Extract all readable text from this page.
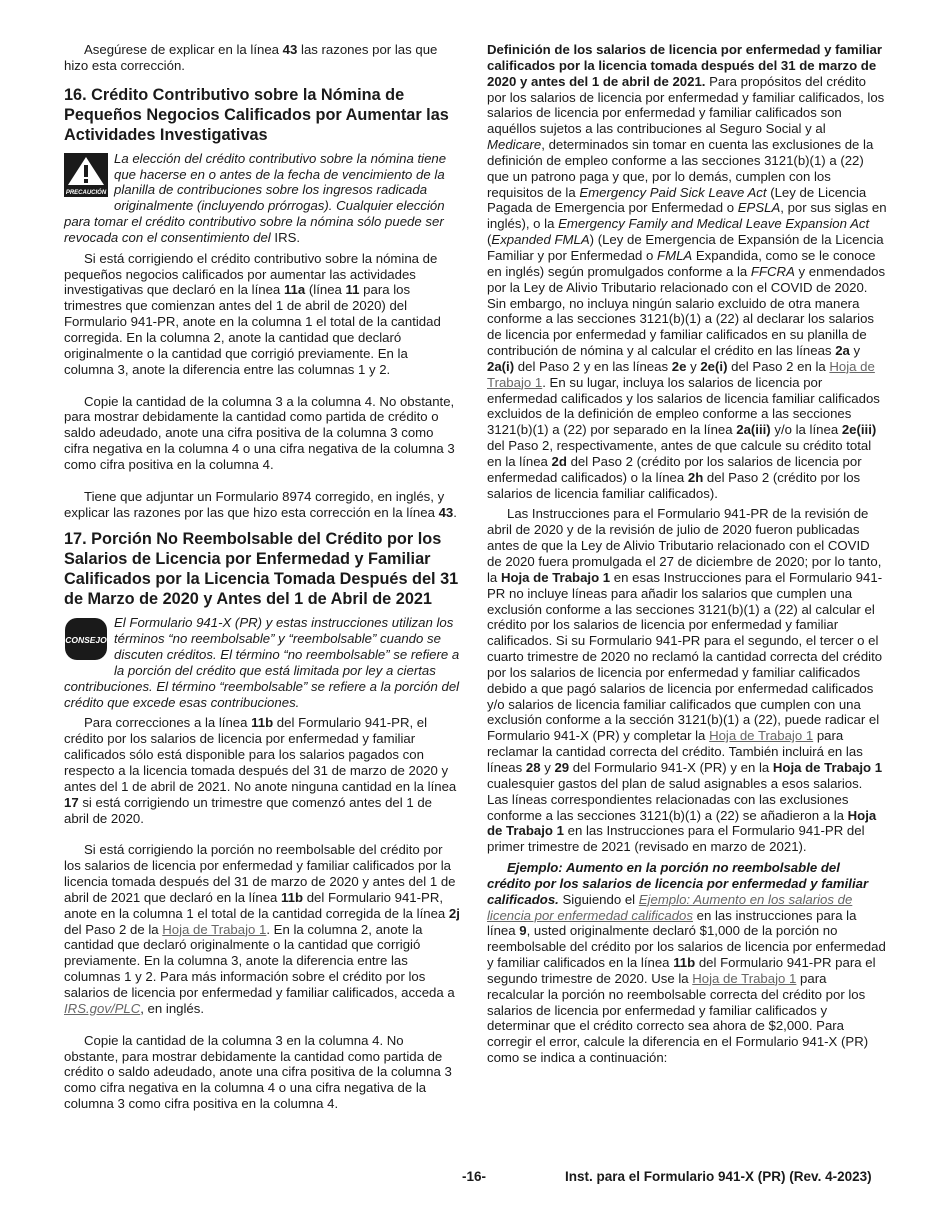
Asegúrese de explicar en la línea 43 las razones por las que hizo esta corrección.

16. Crédito Contributivo sobre la Nómina de Pequeños Negocios Calificados por Aumentar las Actividades Investigativas
PRECAUCIÓN
La elección del crédito contributivo sobre la nómina tiene que hacerse en o antes de la fecha de vencimiento de la planilla de contribuciones sobre los ingresos radicada originalmente (incluyendo prórrogas). Cualquier elección para tomar el crédito contributivo sobre la nómina sólo puede ser revocada con el consentimiento del IRS.

Si está corrigiendo el crédito contributivo sobre la nómina de pequeños negocios calificados por aumentar las actividades investigativas que declaró en la línea 11a (línea 11 para los trimestres que comienzan antes del 1 de abril de 2020) del Formulario 941-PR, anote en la columna 1 el total de la cantidad corregida. En la columna 2, anote la cantidad que declaró originalmente o la cantidad que corrigió previamente. En la columna 3, anote la diferencia entre las columnas 1 y 2.

Copie la cantidad de la columna 3 a la columna 4. No obstante, para mostrar debidamente la cantidad como partida de crédito o saldo adeudado, anote una cifra positiva de la columna 3 como cifra negativa en la columna 4 o una cifra negativa de la columna 3 como cifra positiva en la columna 4.

Tiene que adjuntar un Formulario 8974 corregido, en inglés, y explicar las razones por las que hizo esta corrección en la línea 43.

17. Porción No Reembolsable del Crédito por los Salarios de Licencia por Enfermedad y Familiar Calificados por la Licencia Tomada Después del 31 de Marzo de 2020 y Antes del 1 de Abril de 2021
CONSEJO
El Formulario 941-X (PR) y estas instrucciones utilizan los términos “no reembolsable” y “reembolsable” cuando se discuten créditos. El término “no reembolsable” se refiere a la porción del crédito que está limitada por ley a ciertas contribuciones. El término “reembolsable” se refiere a la porción del crédito que excede esas contribuciones.

Para correcciones a la línea 11b del Formulario 941-PR, el crédito por los salarios de licencia por enfermedad y familiar calificados sólo está disponible para los salarios pagados con respecto a la licencia tomada después del 31 de marzo de 2020 y antes del 1 de abril de 2021. No anote ninguna cantidad en la línea 17 si está corrigiendo un trimestre que comenzó antes del 1 de abril de 2020.

Si está corrigiendo la porción no reembolsable del crédito por los salarios de licencia por enfermedad y familiar calificados por la licencia tomada después del 31 de marzo de 2020 y antes del 1 de abril de 2021 que declaró en la línea 11b del Formulario 941-PR, anote en la columna 1 el total de la cantidad corregida de la línea 2j del Paso 2 de la Hoja de Trabajo 1. En la columna 2, anote la cantidad que declaró originalmente o la cantidad que corrigió previamente. En la columna 3, anote la diferencia entre las columnas 1 y 2. Para más información sobre el crédito por los salarios de licencia por enfermedad y familiar calificados, acceda a IRS.gov/PLC, en inglés.

Copie la cantidad de la columna 3 en la columna 4. No obstante, para mostrar debidamente la cantidad como partida de crédito o saldo adeudado, anote una cifra positiva de la columna 3 como cifra negativa en la columna 4 o una cifra negativa de la columna 3 como cifra positiva en la columna 4.

Definición de los salarios de licencia por enfermedad y familiar calificados por la licencia tomada después del 31 de marzo de 2020 y antes del 1 de abril de 2021. Para propósitos del crédito por los salarios de licencia por enfermedad y familiar calificados, los salarios de licencia por enfermedad y familiar calificados son aquéllos sujetos a las contribuciones al Seguro Social y al Medicare, determinados sin tomar en cuenta las exclusiones de la definición de empleo conforme a las secciones 3121(b)(1) a (22) que un patrono paga y que, por lo demás, cumplen con los requisitos de la Emergency Paid Sick Leave Act (Ley de Licencia Pagada de Emergencia por Enfermedad o EPSLA, por sus siglas en inglés), o la Emergency Family and Medical Leave Expansion Act (Expanded FMLA) (Ley de Emergencia de Expansión de la Licencia Familiar y por Enfermedad o FMLA Expandida, como se le conoce en inglés) según promulgados conforme a la FFCRA y enmendados por la Ley de Alivio Tributario relacionado con el COVID de 2020. Sin embargo, no incluya ningún salario excluido de otra manera conforme a las secciones 3121(b)(1) a (22) al declarar los salarios de licencia por enfermedad y familiar calificados en su planilla de contribución de nómina y al calcular el crédito en las líneas 2a y 2a(i) del Paso 2 y en las líneas 2e y 2e(i) del Paso 2 en la Hoja de Trabajo 1. En su lugar, incluya los salarios de licencia por enfermedad calificados y los salarios de licencia familiar calificados excluidos de la definición de empleo conforme a las secciones 3121(b)(1) a (22) por separado en la línea 2a(iii) y/o la línea 2e(iii) del Paso 2, respectivamente, antes de que calcule su crédito total en la línea 2d del Paso 2 (crédito por los salarios de licencia por enfermedad calificados) o la línea 2h del Paso 2 (crédito por los salarios de licencia familiar calificados).

Las Instrucciones para el Formulario 941-PR de la revisión de abril de 2020 y de la revisión de julio de 2020 fueron publicadas antes de que la Ley de Alivio Tributario relacionado con el COVID de 2020 fuera promulgada el 27 de diciembre de 2020; por lo tanto, la Hoja de Trabajo 1 en esas Instrucciones para el Formulario 941-PR no incluye líneas para añadir los salarios que cumplen una exclusión conforme a las secciones 3121(b)(1) a (22) al calcular el crédito por los salarios de licencia por enfermedad y familiar calificados. Si su Formulario 941-PR para el segundo, el tercer o el cuarto trimestre de 2020 no reclamó la cantidad correcta del crédito por los salarios de licencia por enfermedad y familiar calificados debido a que pagó salarios de licencia por enfermedad calificados y/o salarios de licencia familiar calificados que cumplen con una exclusión conforme a la sección 3121(b)(1) a (22), puede radicar el Formulario 941-X (PR) y completar la Hoja de Trabajo 1 para reclamar la cantidad correcta del crédito. También incluirá en las líneas 28 y 29 del Formulario 941-X (PR) y en la Hoja de Trabajo 1 cualesquier gastos del plan de salud asignables a esos salarios. Las líneas correspondientes relacionadas con las exclusiones conforme a las secciones 3121(b)(1) a (22) se añadieron a la Hoja de Trabajo 1 en las Instrucciones para el Formulario 941-PR del primer trimestre de 2021 (revisado en marzo de 2021).

Ejemplo: Aumento en la porción no reembolsable del crédito por los salarios de licencia por enfermedad y familiar calificados. Siguiendo el Ejemplo: Aumento en los salarios de licencia por enfermedad calificados en las instrucciones para la línea 9, usted originalmente declaró $1,000 de la porción no reembolsable del crédito por los salarios de licencia por enfermedad y familiar calificados en la línea 11b del Formulario 941-PR para el segundo trimestre de 2020. Use la Hoja de Trabajo 1 para recalcular la porción no reembolsable correcta del crédito por los salarios de licencia por enfermedad y familiar calificados y determinar que el crédito correcto sea ahora de $2,000. Para corregir el error, calcule la diferencia en el Formulario 941-X (PR) como se indica a continuación:

-16-	Inst. para el Formulario 941-X (PR) (Rev. 4-2023)
